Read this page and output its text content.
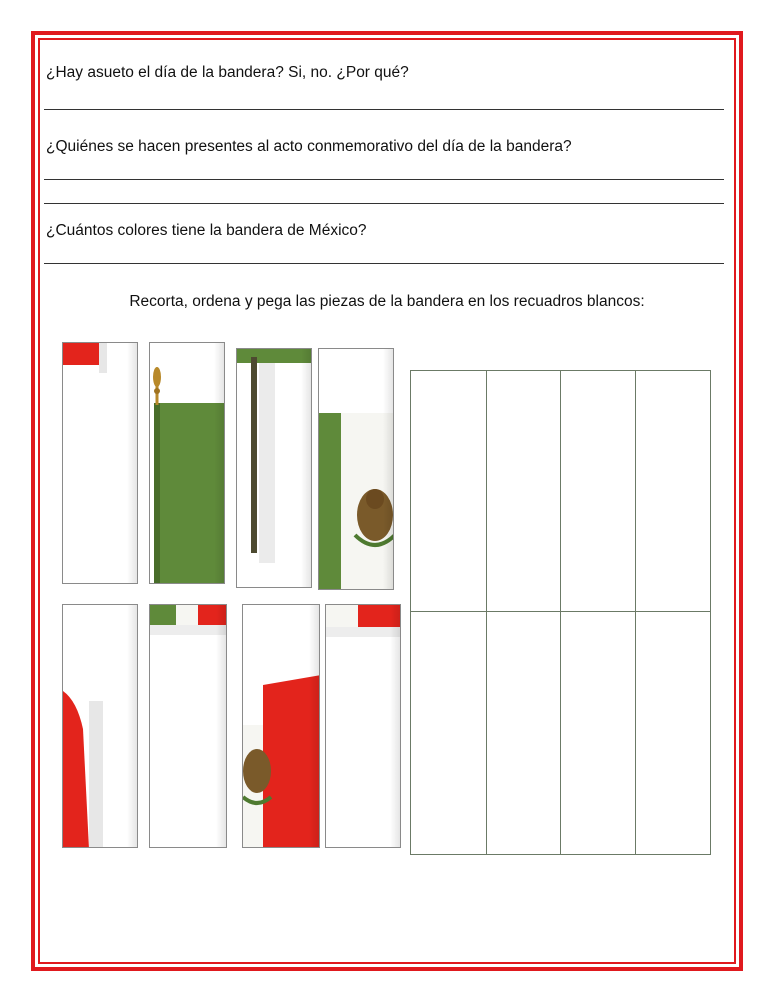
¿Hay asueto el día de la bandera? Si, no. ¿Por qué?
¿Quiénes se hacen presentes al acto conmemorativo del día de la bandera?
¿Cuántos colores tiene la bandera de México?
Recorta, ordena y pega las piezas de la bandera en los recuadros blancos:
